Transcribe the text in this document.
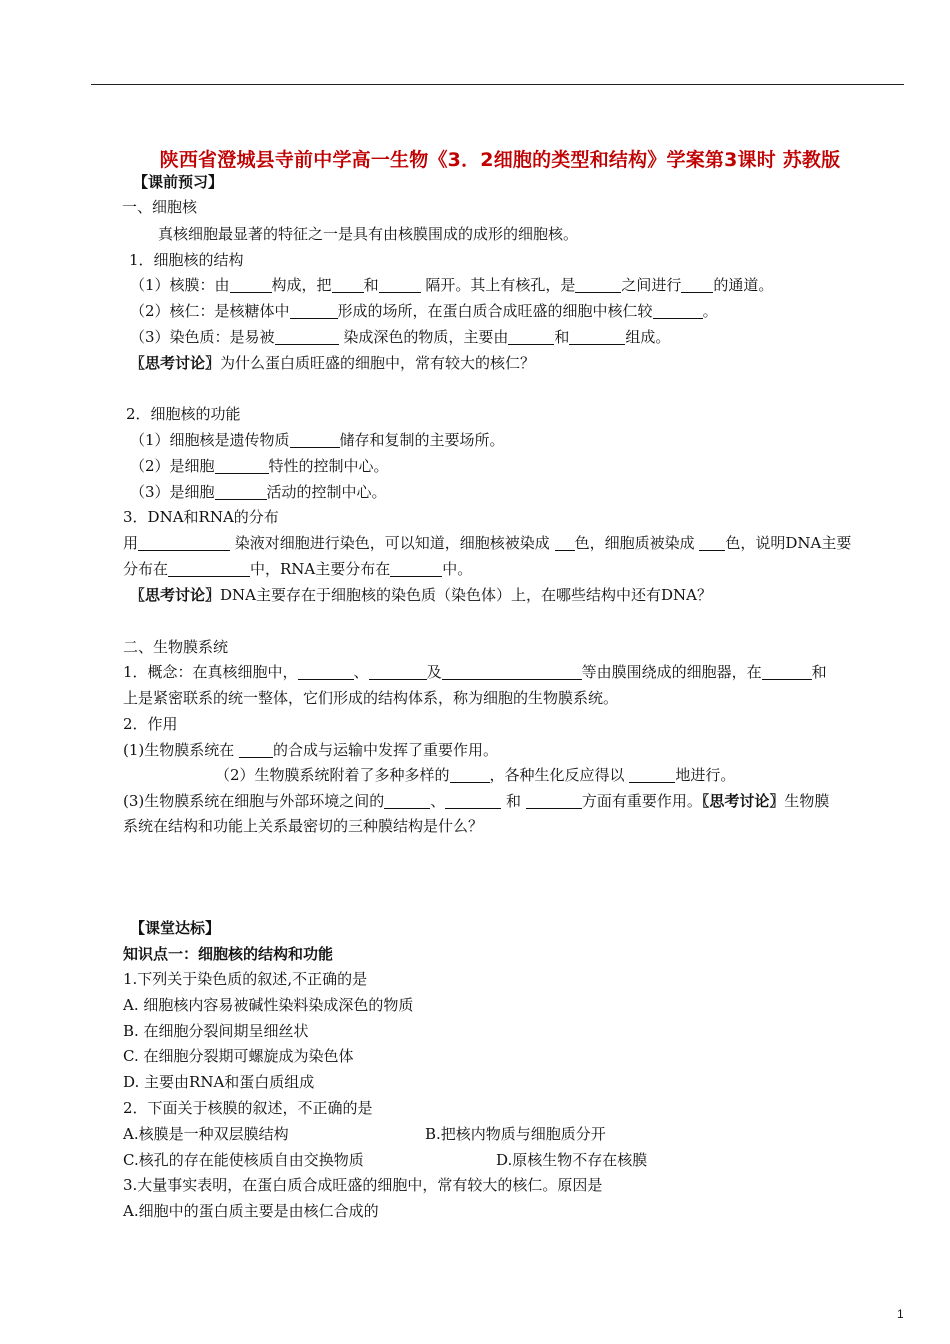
陕西省澄城县寺前中学高一生物《3．2细胞的类型和结构》学案第3课时 苏教版
【课前预习】
一、细胞核
真核细胞最显著的特征之一是具有由核膜围成的成形的细胞核。
1．细胞核的结构
（1）核膜：由	构成，把 和	隔开。其上有核孔，是	之间进行 的通道。
（2）核仁：是核糖体中	形成的场所，在蛋白质合成旺盛的细胞中核仁较	。
（3）染色质：是易被	染成深色的物质，主要由	和	组成。
〖思考讨论〗为什么蛋白质旺盛的细胞中，常有较大的核仁？
2．细胞核的功能
（1）细胞核是遗传物质	储存和复制的主要场所。
（2）是细胞	特性的控制中心。
（3）是细胞	活动的控制中心。
3．DNA和RNA的分布
用	染液对细胞进行染色，可以知道，细胞核被染成 色，细胞质被染成 色，说明DNA主要
分布在	中，RNA主要分布在	中。
〖思考讨论〗DNA主要存在于细胞核的染色质（染色体）上，在哪些结构中还有DNA？
二、生物膜系统
1．概念：在真核细胞中，	、	及	等由膜围绕成的细胞器，在	和
上是紧密联系的统一整体，它们形成的结构体系，称为细胞的生物膜系统。
2．作用
(1)生物膜系统在 的合成与运输中发挥了重要作用。
（2）生物膜系统附着了多种多样的	，各种生化反应得以	地进行。
(3)生物膜系统在细胞与外部环境之间的	、	和	方面有重要作用。〖思考讨论〗生物膜
系统在结构和功能上关系最密切的三种膜结构是什么？
【课堂达标】
知识点一：细胞核的结构和功能
1.下列关于染色质的叙述,不正确的是
A. 细胞核内容易被碱性染料染成深色的物质
B. 在细胞分裂间期呈细丝状
C. 在细胞分裂期可螺旋成为染色体
D. 主要由RNA和蛋白质组成
2．下面关于核膜的叙述，不正确的是
A.核膜是一种双层膜结构	B.把核内物质与细胞质分开
C.核孔的存在能使核质自由交换物质	D.原核生物不存在核膜
3.大量事实表明，在蛋白质合成旺盛的细胞中，常有较大的核仁。原因是
A.细胞中的蛋白质主要是由核仁合成的
1
